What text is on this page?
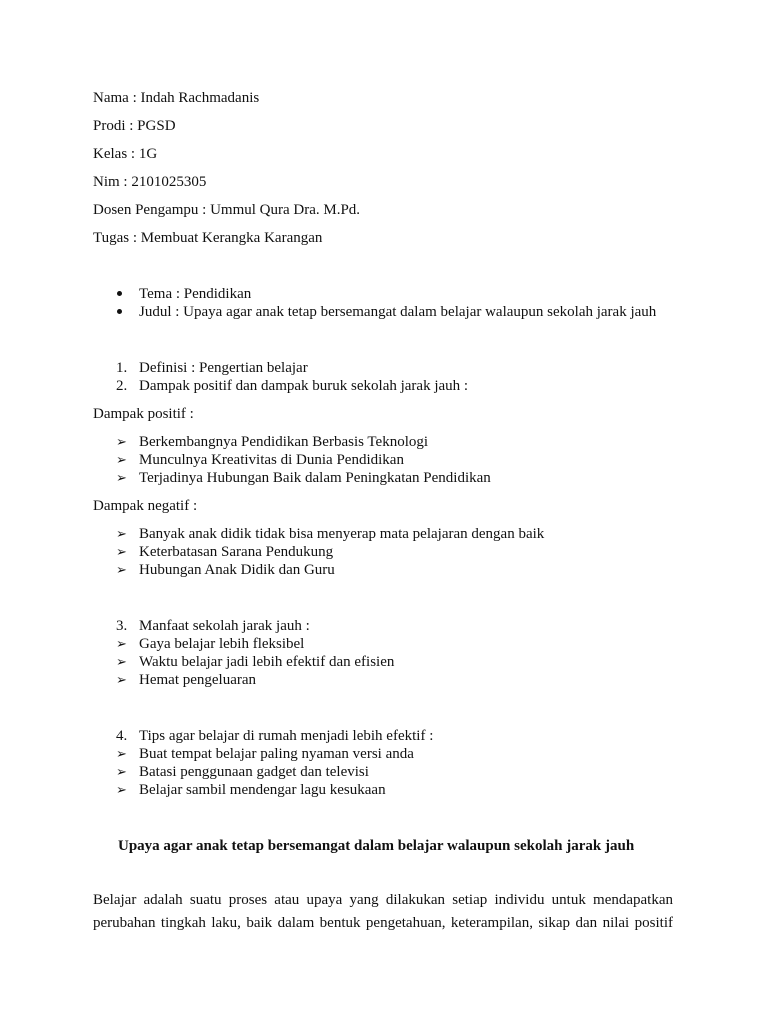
Nama : Indah Rachmadanis
Prodi : PGSD
Kelas : 1G
Nim : 2101025305
Dosen Pengampu : Ummul Qura Dra. M.Pd.
Tugas : Membuat Kerangka Karangan
Tema : Pendidikan
Judul : Upaya agar anak tetap bersemangat dalam belajar walaupun sekolah jarak jauh
1. Definisi : Pengertian belajar
2. Dampak positif dan dampak buruk sekolah jarak jauh :
Dampak positif :
➢ Berkembangnya Pendidikan Berbasis Teknologi
➢ Munculnya Kreativitas di Dunia Pendidikan
➢ Terjadinya Hubungan Baik dalam Peningkatan Pendidikan
Dampak negatif :
➢ Banyak anak didik tidak bisa menyerap mata pelajaran dengan baik
➢ Keterbatasan Sarana Pendukung
➢ Hubungan Anak Didik dan Guru
3. Manfaat sekolah jarak jauh :
➢ Gaya belajar lebih fleksibel
➢ Waktu belajar jadi lebih efektif dan efisien
➢ Hemat pengeluaran
4. Tips agar belajar di rumah menjadi lebih efektif :
➢ Buat tempat belajar paling nyaman versi anda
➢ Batasi penggunaan gadget dan televisi
➢ Belajar sambil mendengar lagu kesukaan
Upaya agar anak tetap bersemangat dalam belajar walaupun sekolah jarak jauh
Belajar adalah suatu proses atau upaya yang dilakukan setiap individu untuk mendapatkan
perubahan tingkah laku, baik dalam bentuk pengetahuan, keterampilan, sikap dan nilai positif
